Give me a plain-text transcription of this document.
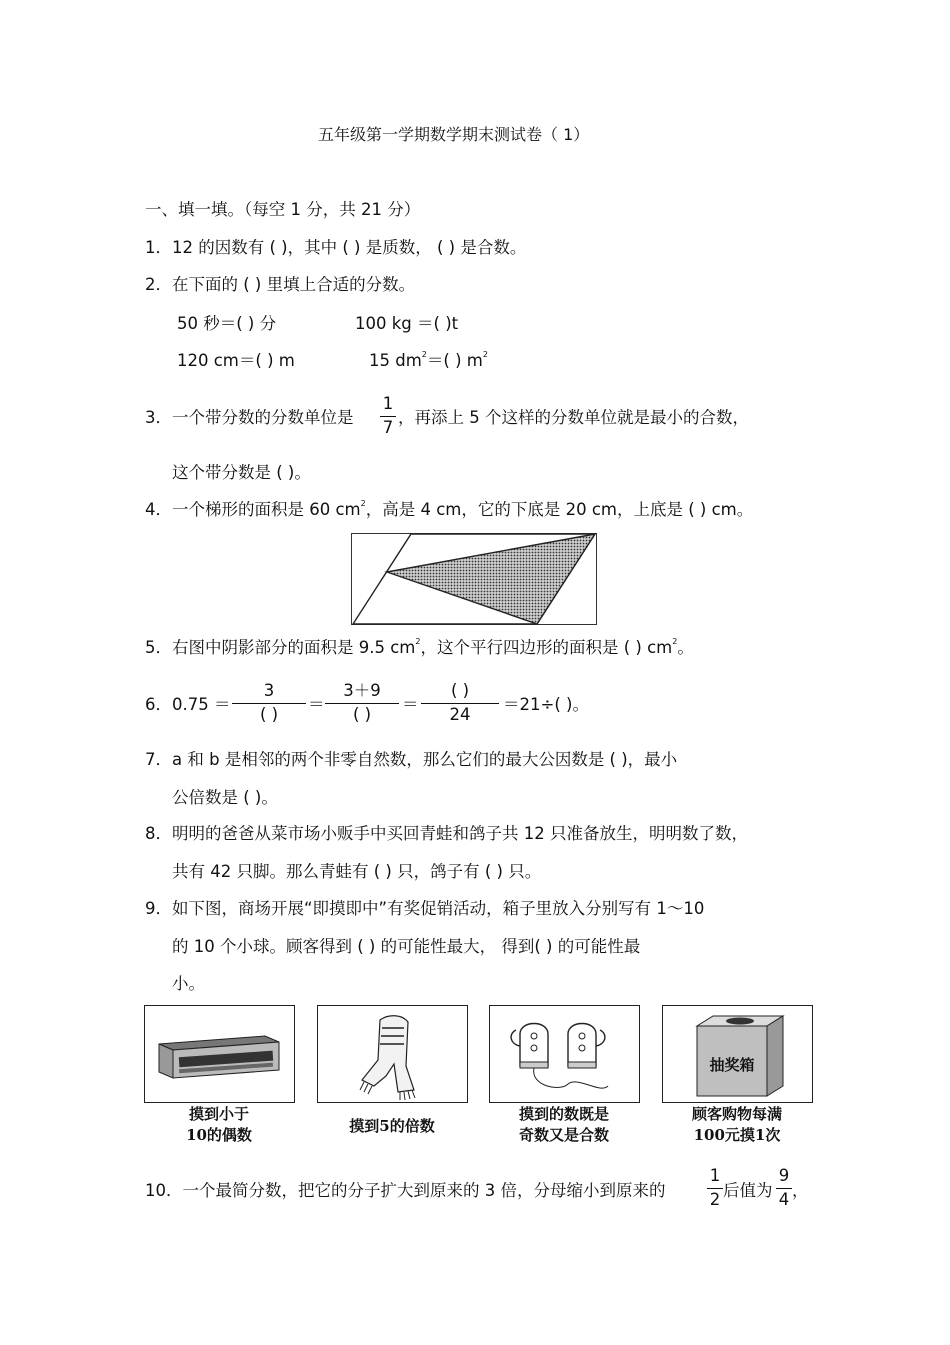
五年级第一学期数学期末测试卷（ 1）
一、填一填。（每空 1 分，共 21 分）
1．12 的因数有 ( )，其中 ( ) 是质数， ( ) 是合数。
2．在下面的 ( ) 里填上合适的分数。
50 秒＝( ) 分	100 kg ＝( )t
120 cm＝( ) m	15 $dm^2=$( ) $m^2$
3．一个带分数的分数单位是
1
7 ，再添上 5 个这样的分数单位就是最小的合数，
这个带分数是 ( )。
4．一个梯形的面积是 60 $cm^2$，高是 4 cm，它的下底是 20 cm，上底是 ( ) cm。
5．右图中阴影部分的面积是 9.5 $cm^2$，这个平行四边形的面积是 ( ) $cm^2$。
6．0.75 ＝
3
( )	＝
3＋9
( )	＝
( )
24	＝21÷( )。
7．a 和 b 是相邻的两个非零自然数，那么它们的最大公因数是 ( )，最小
公倍数是 ( )。
8．明明的爸爸从菜市场小贩手中买回青蛙和鸽子共 12 只准备放生，明明数了数，
共有 42 只脚。那么青蛙有 ( ) 只，鸽子有 ( ) 只。
9．如下图，商场开展“即摸即中”有奖促销活动，箱子里放入分别写有 1～10
的 10 个小球。顾客得到 ( ) 的可能性最大， 得到( ) 的可能性最
小。
抽奖箱
摸到小于
10的偶数	摸到5的倍数
摸到的数既是
奇数又是合数
顾客购物每满
100元摸1次
10．一个最简分数，把它的分子扩大到原来的 3 倍，分母缩小到原来的
1
2 后值为
9
4 ，
